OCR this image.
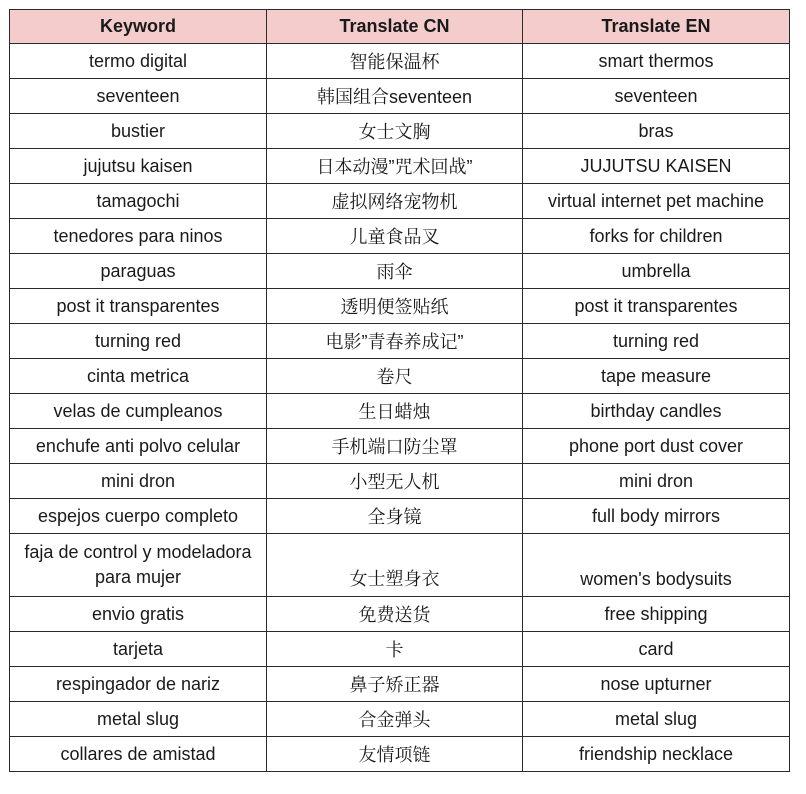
Keyword	Translate CN	Translate EN
termo digital	智能保温杯	smart thermos
seventeen	韩国组合seventeen	seventeen
bustier	女士文胸	bras
jujutsu kaisen	日本动漫”咒术回战”	JUJUTSU KAISEN
tamagochi	虚拟网络宠物机	virtual internet pet machine
tenedores para ninos	儿童食品叉	forks for children
paraguas	雨伞	umbrella
post it transparentes	透明便签贴纸	post it transparentes
turning red	电影”青春养成记”	turning red
cinta metrica	卷尺	tape measure
velas de cumpleanos	生日蜡烛	birthday candles
enchufe anti polvo celular	手机端口防尘罩	phone port dust cover
mini dron	小型无人机	mini dron
espejos cuerpo completo	全身镜	full body mirrors
faja de control y modeladora para mujer	女士塑身衣	women's bodysuits
envio gratis	免费送货	free shipping
tarjeta	卡	card
respingador de nariz	鼻子矫正器	nose upturner
metal slug	合金弹头	metal slug
collares de amistad	友情项链	friendship necklace
